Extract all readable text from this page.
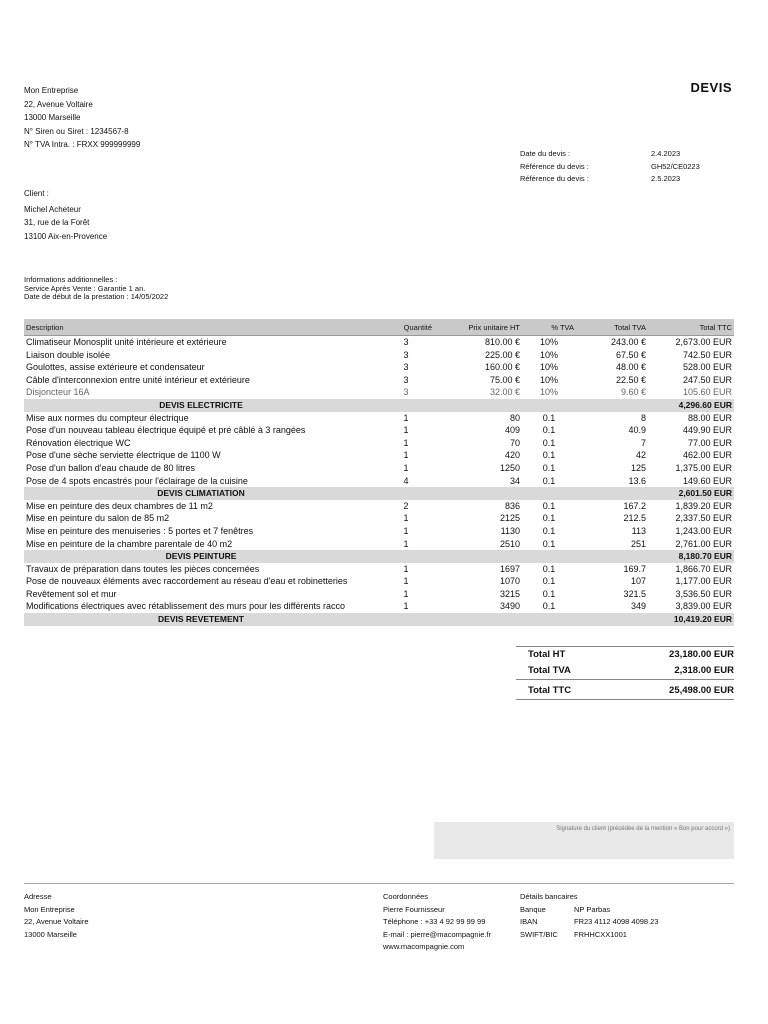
Mon Entreprise
22, Avenue Voltaire
13000 Marseille
N° Siren ou Siret : 1234567-8
N° TVA Intra. : FRXX 999999999
DEVIS
Date du devis :	2.4.2023
Référence du devis :	GH52/CE0223
Référence du devis :	2.5.2023
Client :
Michel Acheteur
31, rue de la Forêt
13100 Aix-en-Provence
Informations additionnelles :
Service Après Vente : Garantie 1 an.
Date de début de la prestation : 14/05/2022
Description	Quantité	Prix unitaire HT	% TVA	Total TVA	Total TTC
Climatiseur Monosplit unité intérieure et extérieure	3	810.00 €	10%	243.00 €	2,673.00 EUR
Liaison double isolée	3	225.00 €	10%	67.50 €	742.50 EUR
Goulottes, assise extérieure et condensateur	3	160.00 €	10%	48.00 €	528.00 EUR
Câble d'interconnexion entre unité intérieur et extérieure	3	75.00 €	10%	22.50 €	247.50 EUR
Disjoncteur 16A	3	32.00 €	10%	9.60 €	105.60 EUR
DEVIS ELECTRICITE					4,296.60 EUR
Mise aux normes du compteur électrique	1	80	0.1	8	88.00 EUR
Pose d'un nouveau tableau électrique équipé et pré câblé à 3 rangées	1	409	0.1	40.9	449.90 EUR
Rénovation électrique WC	1	70	0.1	7	77.00 EUR
Pose d'une sèche serviette électrique de 1100 W	1	420	0.1	42	462.00 EUR
Pose d'un ballon d'eau chaude de 80 litres	1	1250	0.1	125	1,375.00 EUR
Pose de 4 spots encastrés pour l'éclairage de la cuisine	4	34	0.1	13.6	149.60 EUR
DEVIS CLIMATIATION					2,601.50 EUR
Mise en peinture des deux chambres de 11 m2	2	836	0.1	167.2	1,839.20 EUR
Mise en peinture du salon de 85 m2	1	2125	0.1	212.5	2,337.50 EUR
Mise en peinture des menuiseries : 5 portes et 7 fenêtres	1	1130	0.1	113	1,243.00 EUR
Mise en peinture de la chambre parentale de 40 m2	1	2510	0.1	251	2,761.00 EUR
DEVIS PEINTURE					8,180.70 EUR
Travaux de préparation dans toutes les pièces concernées	1	1697	0.1	169.7	1,866.70 EUR
Pose de nouveaux éléments avec raccordement au réseau d'eau et robinetteries	1	1070	0.1	107	1,177.00 EUR
Revêtement sol et mur	1	3215	0.1	321.5	3,536.50 EUR
Modifications électriques avec rétablissement des murs pour les différents racco	1	3490	0.1	349	3,839.00 EUR
DEVIS REVETEMENT					10,419.20 EUR
Total HT	23,180.00 EUR
Total TVA	2,318.00 EUR
Total TTC	25,498.00 EUR
Signature du client (précédée de la mention « Bon pour accord »)
Adresse
Mon Entreprise
22, Avenue Voltaire
13000 Marseille
Coordonnées
Pierre Fournisseur
Téléphone : +33 4 92 99 99 99
E-mail : pierre@macompagnie.fr
www.macompagnie.com
Détails bancaires
Banque	NP Parbas
IBAN	FR23 4112 4098 4098 23
SWIFT/BIC	FRHHCXX1001
